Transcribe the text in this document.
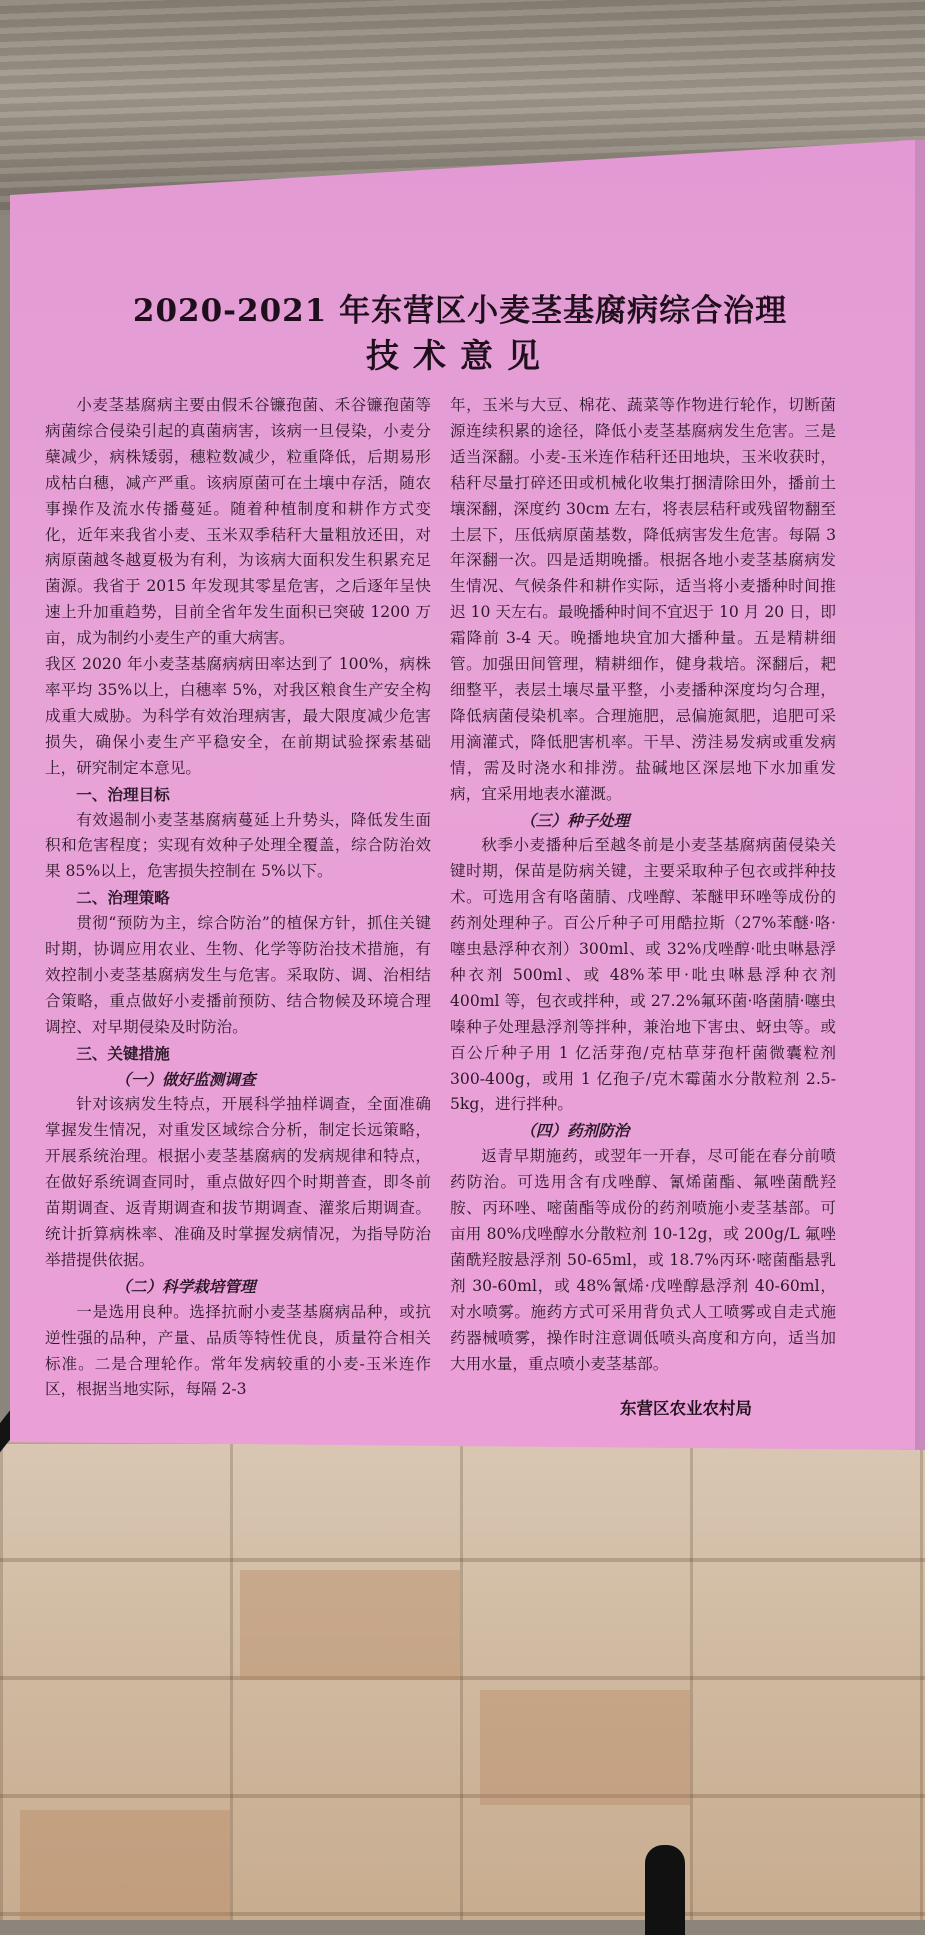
2020-2021 年东营区小麦茎基腐病综合治理
技术意见

小麦茎基腐病主要由假禾谷镰孢菌、禾谷镰孢菌等病菌综合侵染引起的真菌病害，该病一旦侵染，小麦分蘖减少，病株矮弱，穗粒数减少，粒重降低，后期易形成枯白穗，减产严重。该病原菌可在土壤中存活，随农事操作及流水传播蔓延。随着种植制度和耕作方式变化，近年来我省小麦、玉米双季秸秆大量粗放还田，对病原菌越冬越夏极为有利，为该病大面积发生积累充足菌源。我省于 2015 年发现其零星危害，之后逐年呈快速上升加重趋势，目前全省年发生面积已突破 1200 万亩，成为制约小麦生产的重大病害。

我区 2020 年小麦茎基腐病病田率达到了 100%，病株率平均 35%以上，白穗率 5%，对我区粮食生产安全构成重大威胁。为科学有效治理病害，最大限度减少危害损失，确保小麦生产平稳安全，在前期试验探索基础上，研究制定本意见。

一、治理目标

有效遏制小麦茎基腐病蔓延上升势头，降低发生面积和危害程度；实现有效种子处理全覆盖，综合防治效果 85%以上，危害损失控制在 5%以下。

二、治理策略

贯彻“预防为主，综合防治”的植保方针，抓住关键时期，协调应用农业、生物、化学等防治技术措施，有效控制小麦茎基腐病发生与危害。采取防、调、治相结合策略，重点做好小麦播前预防、结合物候及环境合理调控、对早期侵染及时防治。

三、关键措施
（一）做好监测调查

针对该病发生特点，开展科学抽样调查，全面准确掌握发生情况，对重发区域综合分析，制定长远策略，开展系统治理。根据小麦茎基腐病的发病规律和特点，在做好系统调查同时，重点做好四个时期普查，即冬前苗期调查、返青期调查和拔节期调查、灌浆后期调查。统计折算病株率、准确及时掌握发病情况，为指导防治举措提供依据。

（二）科学栽培管理

一是选用良种。选择抗耐小麦茎基腐病品种，或抗逆性强的品种，产量、品质等特性优良，质量符合相关标准。二是合理轮作。常年发病较重的小麦-玉米连作区，根据当地实际，每隔 2-3

年，玉米与大豆、棉花、蔬菜等作物进行轮作，切断菌源连续积累的途径，降低小麦茎基腐病发生危害。三是适当深翻。小麦-玉米连作秸秆还田地块，玉米收获时，秸秆尽量打碎还田或机械化收集打捆清除田外，播前土壤深翻，深度约 30cm 左右，将表层秸秆或残留物翻至土层下，压低病原菌基数，降低病害发生危害。每隔 3 年深翻一次。四是适期晚播。根据各地小麦茎基腐病发生情况、气候条件和耕作实际，适当将小麦播种时间推迟 10 天左右。最晚播种时间不宜迟于 10 月 20 日，即霜降前 3-4 天。晚播地块宜加大播种量。五是精耕细管。加强田间管理，精耕细作，健身栽培。深翻后，耙细整平，表层土壤尽量平整，小麦播种深度均匀合理，降低病菌侵染机率。合理施肥，忌偏施氮肥，追肥可采用滴灌式，降低肥害机率。干旱、涝洼易发病或重发病情，需及时浇水和排涝。盐碱地区深层地下水加重发病，宜采用地表水灌溉。

（三）种子处理

秋季小麦播种后至越冬前是小麦茎基腐病菌侵染关键时期，保苗是防病关键，主要采取种子包衣或拌种技术。可选用含有咯菌腈、戊唑醇、苯醚甲环唑等成份的药剂处理种子。百公斤种子可用酷拉斯（27%苯醚·咯·噻虫悬浮种衣剂）300ml、或 32%戊唑醇·吡虫啉悬浮种衣剂 500ml、或 48%苯甲·吡虫啉悬浮种衣剂 400ml 等，包衣或拌种，或 27.2%氟环菌·咯菌腈·噻虫嗪种子处理悬浮剂等拌种，兼治地下害虫、蚜虫等。或百公斤种子用 1 亿活芽孢/克枯草芽孢杆菌微囊粒剂 300-400g，或用 1 亿孢子/克木霉菌水分散粒剂 2.5-5kg，进行拌种。

（四）药剂防治

返青早期施药，或翌年一开春，尽可能在春分前喷药防治。可选用含有戊唑醇、氰烯菌酯、氟唑菌酰羟胺、丙环唑、嘧菌酯等成份的药剂喷施小麦茎基部。可亩用 80%戊唑醇水分散粒剂 10-12g，或 200g/L 氟唑菌酰羟胺悬浮剂 50-65ml，或 18.7%丙环·嘧菌酯悬乳剂 30-60ml，或 48%氰烯·戊唑醇悬浮剂 40-60ml，对水喷雾。施药方式可采用背负式人工喷雾或自走式施药器械喷雾，操作时注意调低喷头高度和方向，适当加大用水量，重点喷小麦茎基部。

东营区农业农村局
